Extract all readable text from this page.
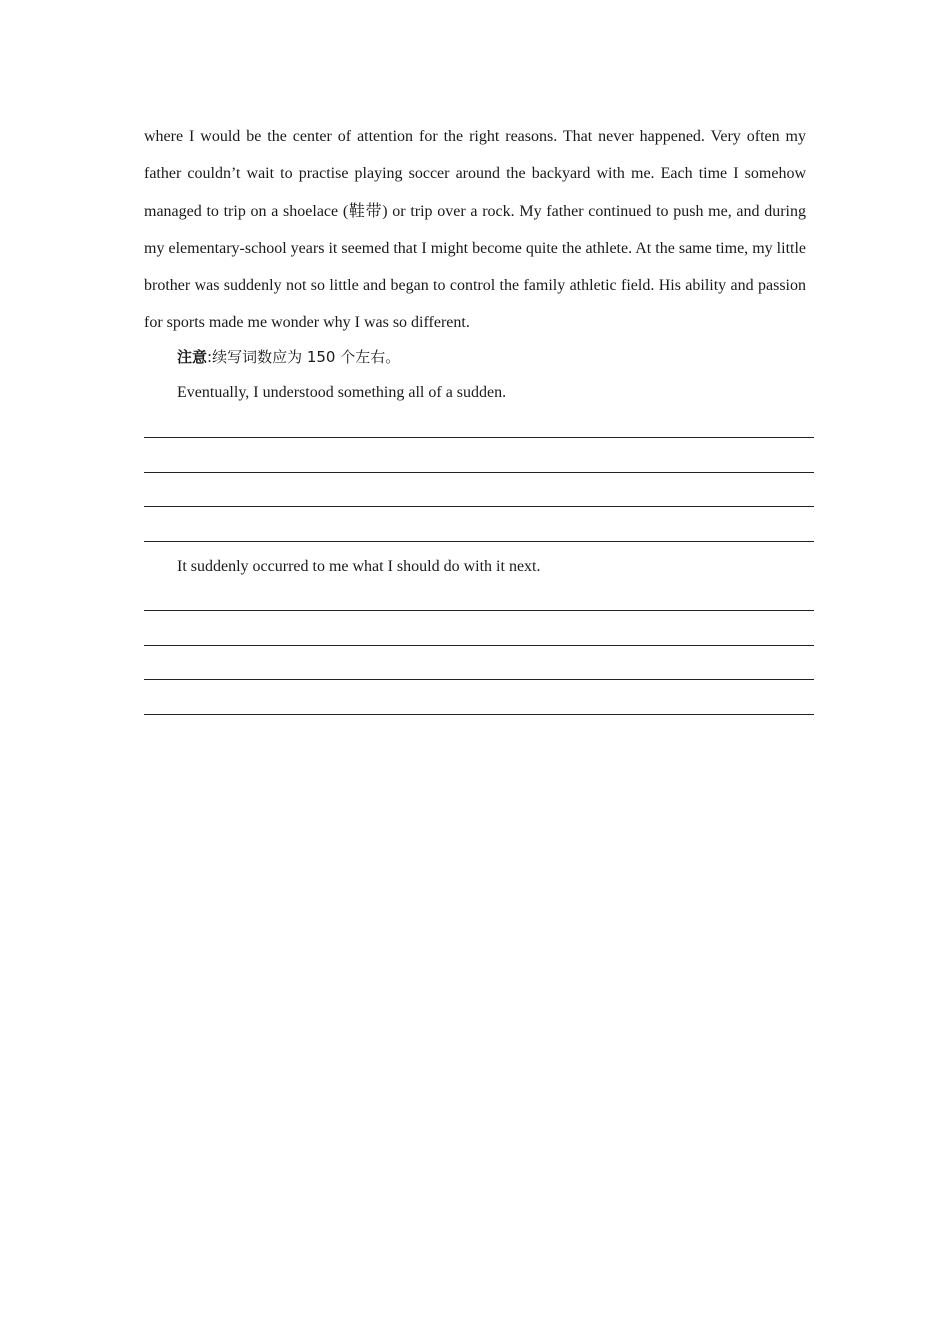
where I would be the center of attention for the right reasons. That never happened. Very often my father couldn’t wait to practise playing soccer around the backyard with me. Each time I somehow managed to trip on a shoelace (鞋带) or trip over a rock. My father continued to push me, and during my elementary-school years it seemed that I might become quite the athlete. At the same time, my little brother was suddenly not so little and began to control the family athletic field. His ability and passion for sports made me wonder why I was so different.

注意:续写词数应为 150 个左右。

Eventually, I understood something all of a sudden.

It suddenly occurred to me what I should do with it next.
